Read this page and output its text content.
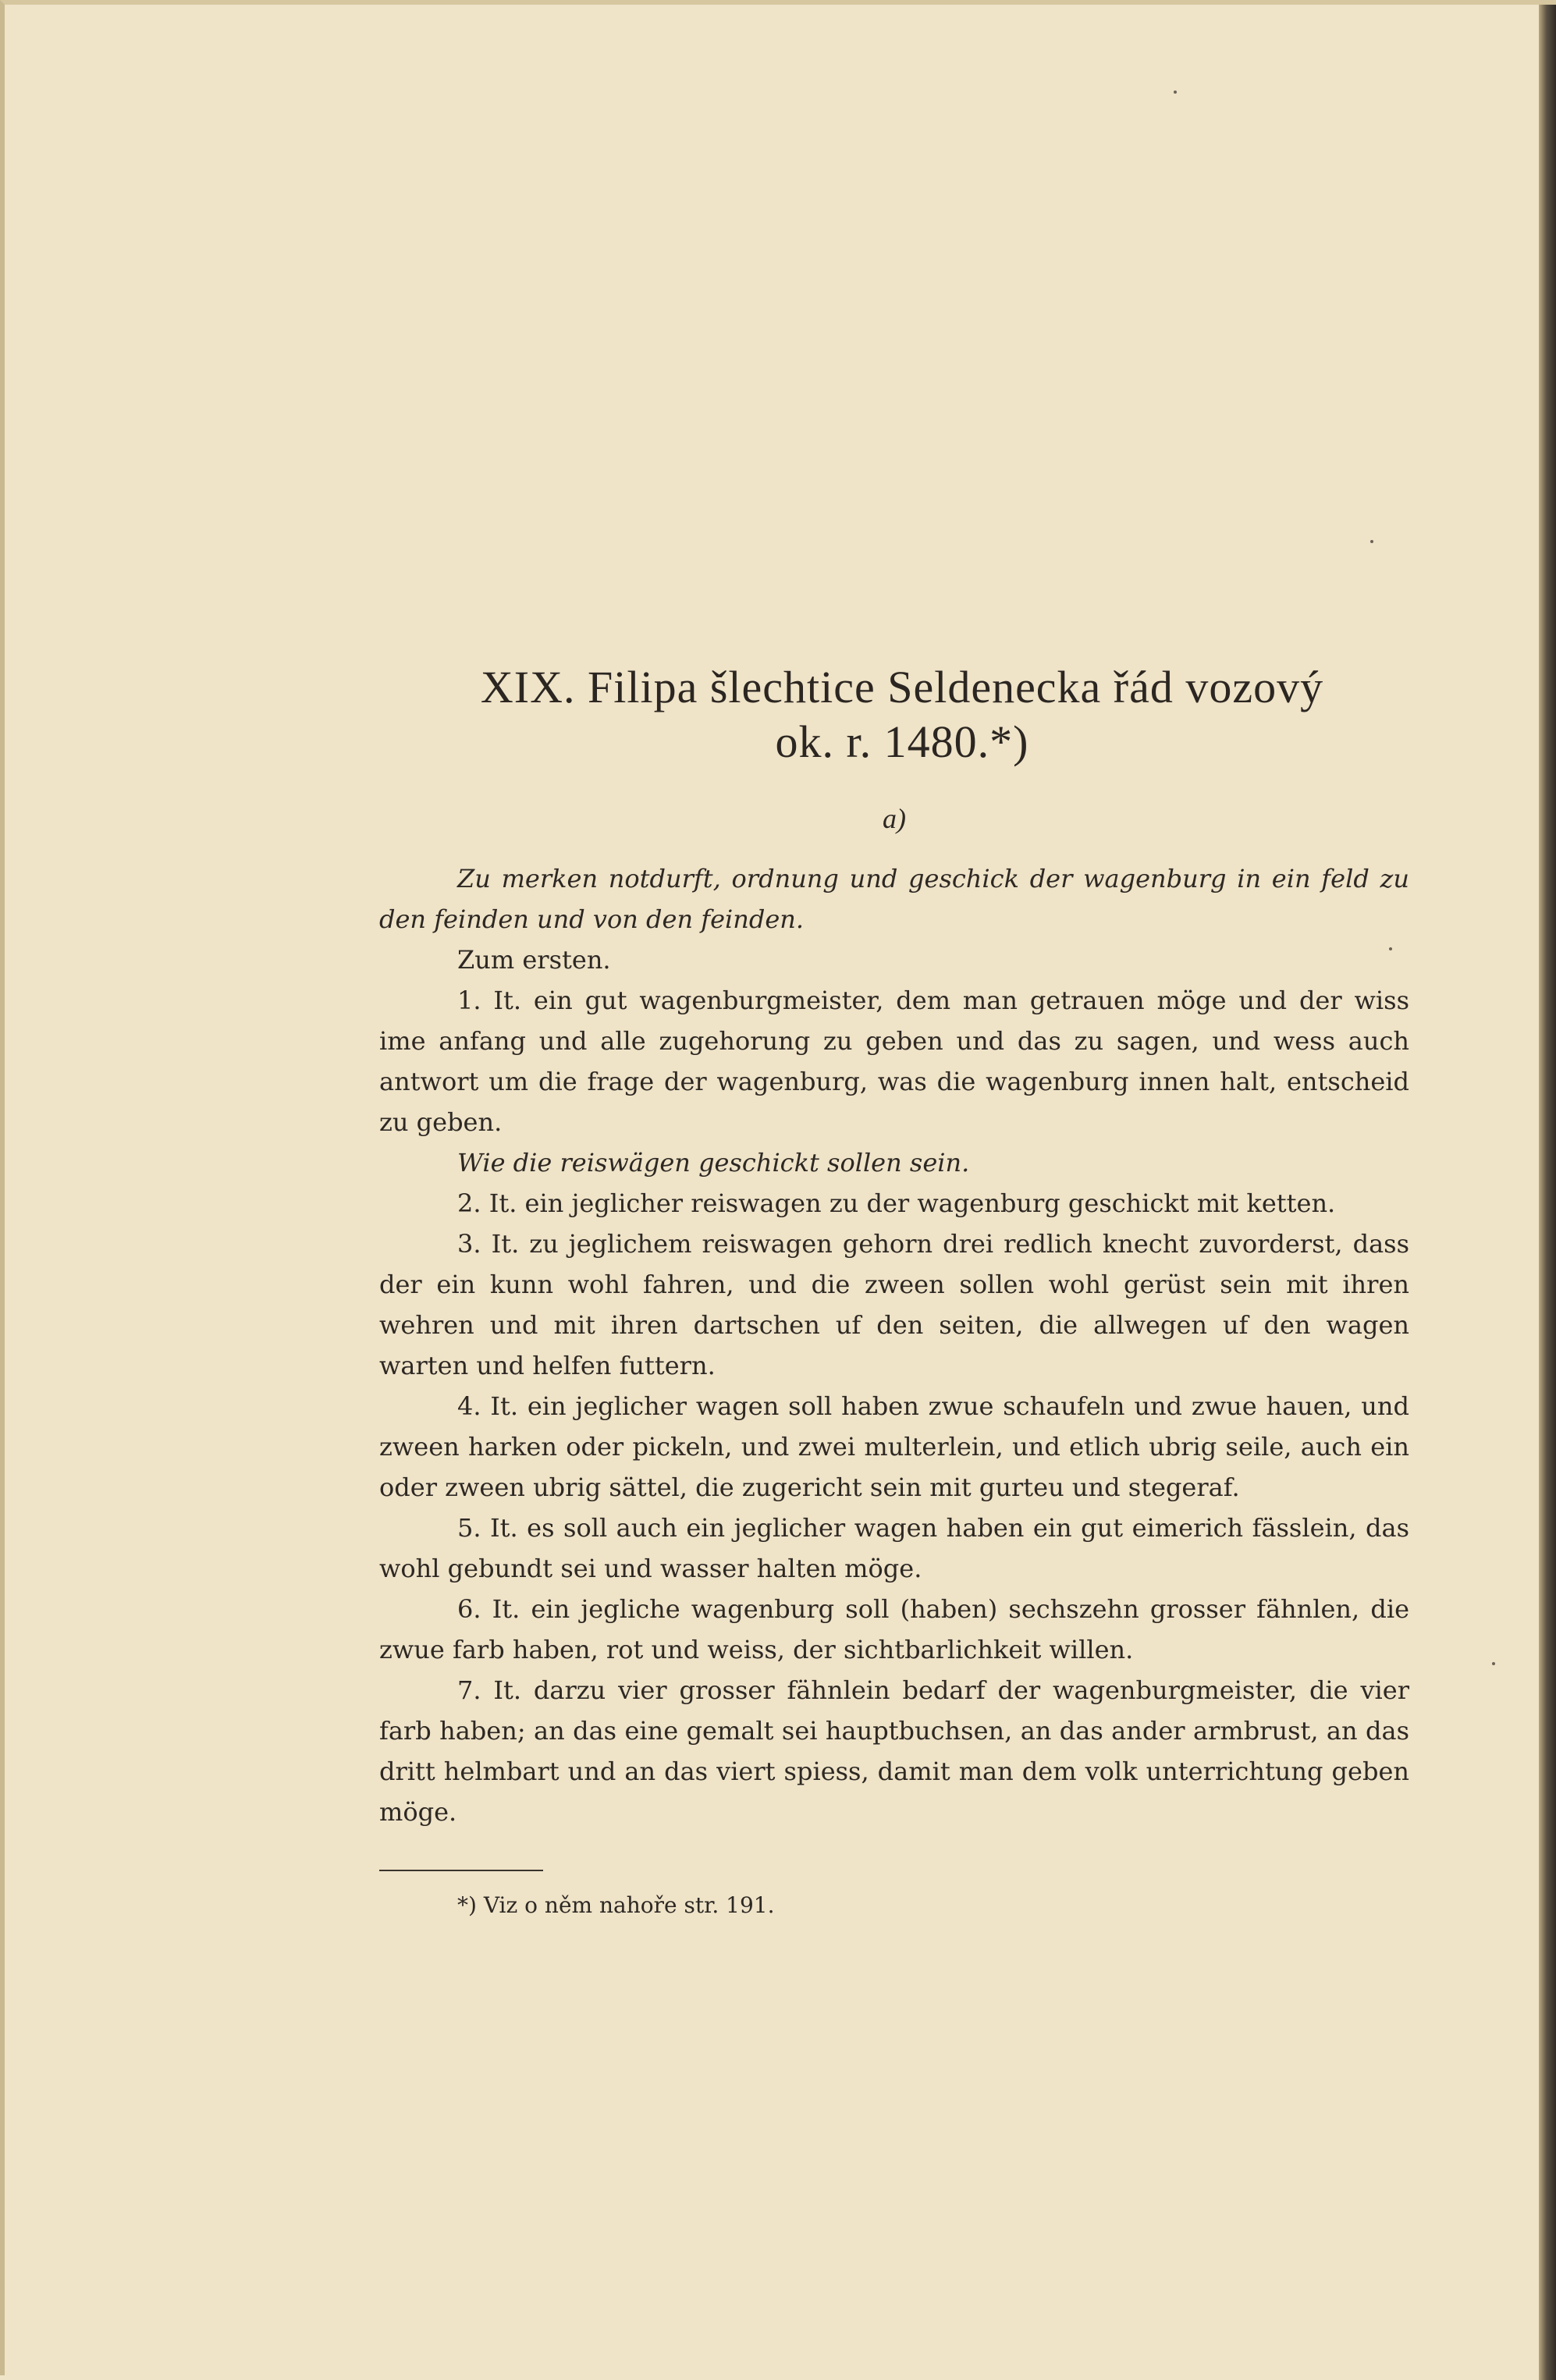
XIX. Filipa šlechtice Seldenecka řád vozový
ok. r. 1480.*)
a)

Zu merken notdurft, ordnung und geschick der wagenburg in ein feld zu den feinden und von den feinden.

Zum ersten.

1. It. ein gut wagenburgmeister, dem man getrauen möge und der wiss ime anfang und alle zugehorung zu geben und das zu sagen, und wess auch antwort um die frage der wagenburg, was die wagenburg innen halt, entscheid zu geben.

Wie die reiswägen geschickt sollen sein.

2. It. ein jeglicher reiswagen zu der wagenburg geschickt mit ketten.

3. It. zu jeglichem reiswagen gehorn drei redlich knecht zuvorderst, dass der ein kunn wohl fahren, und die zween sollen wohl gerüst sein mit ihren wehren und mit ihren dartschen uf den seiten, die allwegen uf den wagen warten und helfen futtern.

4. It. ein jeglicher wagen soll haben zwue schaufeln und zwue hauen, und zween harken oder pickeln, und zwei multerlein, und etlich ubrig seile, auch ein oder zween ubrig sättel, die zugericht sein mit gurteu und stegeraf.

5. It. es soll auch ein jeglicher wagen haben ein gut eimerich fässlein, das wohl gebundt sei und wasser halten möge.

6. It. ein jegliche wagenburg soll (haben) sechszehn grosser fähnlen, die zwue farb haben, rot und weiss, der sichtbarlichkeit willen.

7. It. darzu vier grosser fähnlein bedarf der wagenburgmeister, die vier farb haben; an das eine gemalt sei hauptbuchsen, an das ander armbrust, an das dritt helmbart und an das viert spiess, damit man dem volk unterrichtung geben möge.

*) Viz o něm nahoře str. 191.
